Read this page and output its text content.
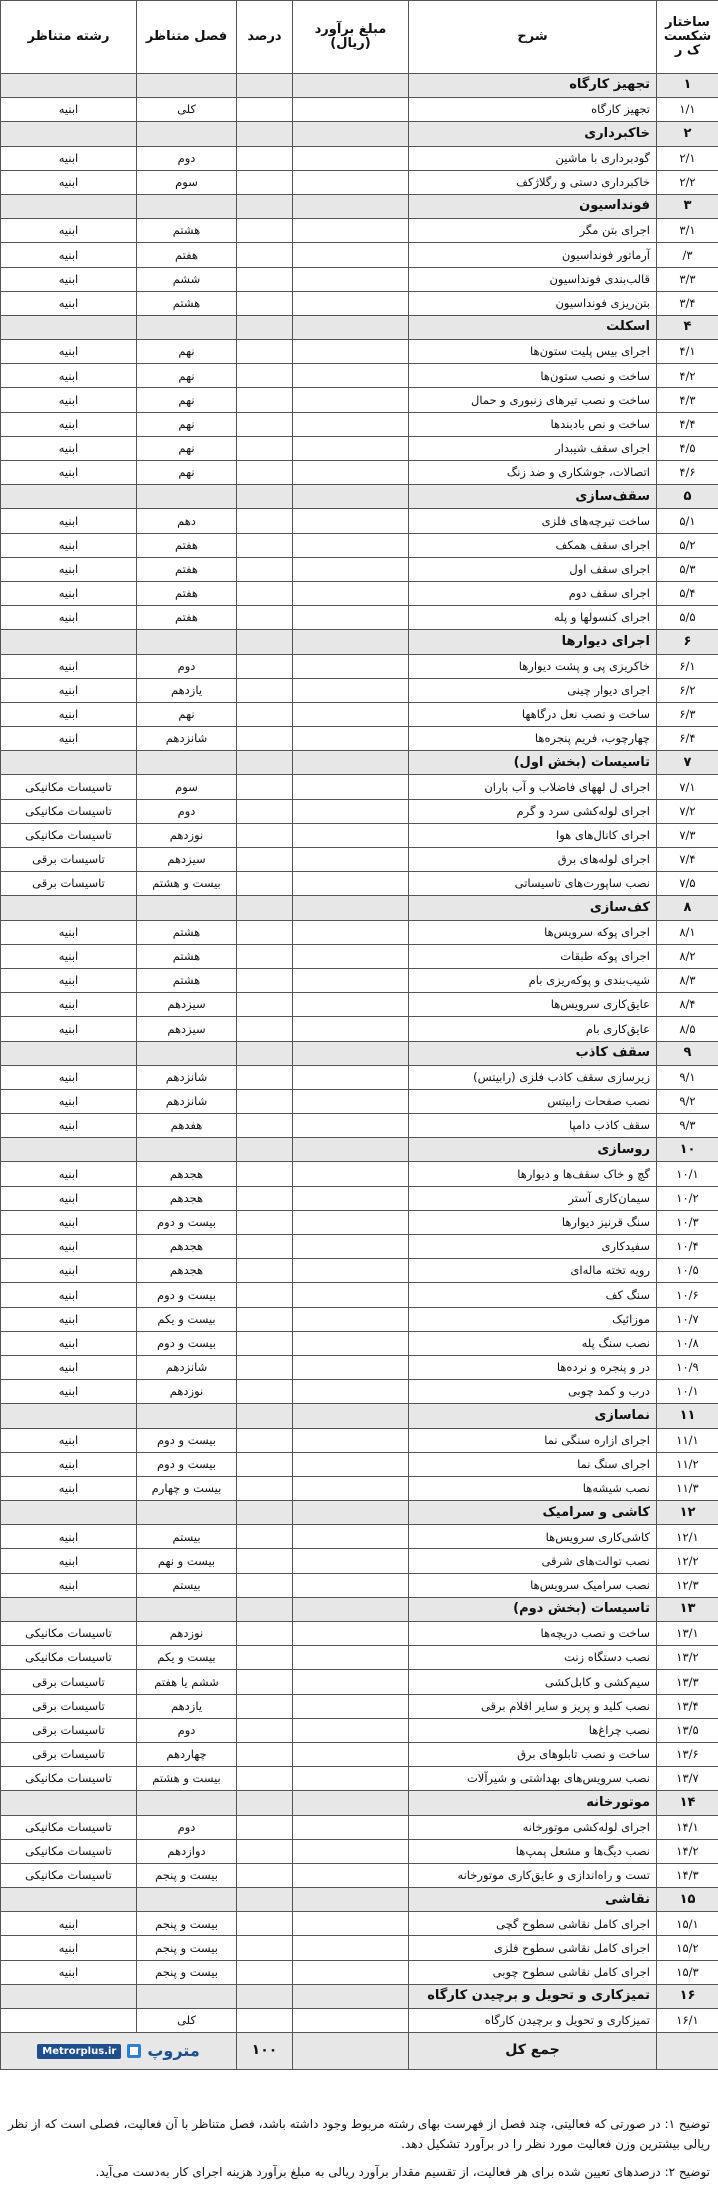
ساختار شکست ک ر	شرح	مبلغ برآورد (ریال)	درصد	فصل متناظر	رشته متناظر
۱	تجهیز کارگاه				
۱/۱	تجهیز کارگاه			کلی	ابنیه
۲	خاکبرداری				
۲/۱	گودبرداری با ماشین			دوم	ابنیه
۲/۲	خاکبرداری دستی و رگلاژکف			سوم	ابنیه
۳	فونداسیون				
۳/۱	اجرای بتن مگر			هشتم	ابنیه
۳/	آرماتور فونداسیون			هفتم	ابنیه
۳/۳	قالب‌بندی فونداسیون			ششم	ابنیه
۳/۴	بتن‌ریزی فونداسیون			هشتم	ابنیه
۴	اسکلت				
۴/۱	اجرای بیس پلیت ستون‌ها			نهم	ابنیه
۴/۲	ساخت و نصب ستون‌ها			نهم	ابنیه
۴/۳	ساخت و نصب تیرهای زنبوری و حمال			نهم	ابنیه
۴/۴	ساخت و نص بادبندها			نهم	ابنیه
۴/۵	اجرای سقف شیبدار			نهم	ابنیه
۴/۶	اتصالات، جوشکاری و ضد زنگ			نهم	ابنیه
۵	سقف‌سازی				
۵/۱	ساخت تیرچه‌های فلزی			دهم	ابنیه
۵/۲	اجرای سقف همکف			هفتم	ابنیه
۵/۳	اجرای سقف اول			هفتم	ابنیه
۵/۴	اجرای سقف دوم			هفتم	ابنیه
۵/۵	اجرای کنسولها و پله			هفتم	ابنیه
۶	اجرای دیوارها				
۶/۱	خاکریزی پی و پشت دیوارها			دوم	ابنیه
۶/۲	اجرای دیوار چینی			یازدهم	ابنیه
۶/۳	ساخت و نصب نعل درگاهها			نهم	ابنیه
۶/۴	چهارچوب، فریم پنجره‌ها			شانزدهم	ابنیه
۷	تاسیسات (بخش اول)				
۷/۱	اجرای ل لههای فاضلاب و آب باران			سوم	تاسیسات مکانیکی
۷/۲	اجرای لوله‌کشی سرد و گرم			دوم	تاسیسات مکانیکی
۷/۳	اجرای کانال‌های هوا			نوزدهم	تاسیسات مکانیکی
۷/۴	اجرای لوله‌های برق			سیزدهم	تاسیسات برقی
۷/۵	نصب ساپورت‌های تاسیساتی			بیست و هشتم	تاسیسات برقی
۸	کف‌سازی				
۸/۱	اجرای پوکه سرویس‌ها			هشتم	ابنیه
۸/۲	اجرای پوکه طبقات			هشتم	ابنیه
۸/۳	شیب‌بندی و پوکه‌ریزی بام			هشتم	ابنیه
۸/۴	عایق‌کاری سرویس‌ها			سیزدهم	ابنیه
۸/۵	عایق‌کاری بام			سیزدهم	ابنیه
۹	سقف کاذب				
۹/۱	زیرسازی سقف کاذب فلزی (رابیتس)			شانزدهم	ابنیه
۹/۲	نصب صفحات رابیتس			شانزدهم	ابنیه
۹/۳	سقف کاذب دامپا			هفدهم	ابنیه
۱۰	روسازی				
۱۰/۱	گچ و خاک سقف‌ها و دیوارها			هجدهم	ابنیه
۱۰/۲	سیمان‌کاری آستر			هجدهم	ابنیه
۱۰/۳	سنگ قرنیز دیوارها			بیست و دوم	ابنیه
۱۰/۴	سفیدکاری			هجدهم	ابنیه
۱۰/۵	رویه تخته ماله‌ای			هجدهم	ابنیه
۱۰/۶	سنگ کف			بیست و دوم	ابنیه
۱۰/۷	موزائیک			بیست و یکم	ابنیه
۱۰/۸	نصب سنگ پله			بیست و دوم	ابنیه
۱۰/۹	در و پنجره و نرده‌ها			شانزدهم	ابنیه
۱۰/۱	درب و کمد چوبی			نوزدهم	ابنیه
۱۱	نماسازی				
۱۱/۱	اجرای ازاره سنگی نما			بیست و دوم	ابنیه
۱۱/۲	اجرای سنگ نما			بیست و دوم	ابنیه
۱۱/۳	نصب شیشه‌ها			بیست و چهارم	ابنیه
۱۲	کاشی و سرامیک				
۱۲/۱	کاشی‌کاری سرویس‌ها			بیستم	ابنیه
۱۲/۲	نصب توالت‌های شرقی			بیست و نهم	ابنیه
۱۲/۳	نصب سرامیک سرویس‌ها			بیستم	ابنیه
۱۳	تاسیسات (بخش دوم)				
۱۳/۱	ساخت و نصب دریچه‌ها			نوزدهم	تاسیسات مکانیکی
۱۳/۲	نصب دستگاه زنت			بیست و یکم	تاسیسات مکانیکی
۱۳/۳	سیم‌کشی و کابل‌کشی			ششم یا هفتم	تاسیسات برقی
۱۳/۴	نصب کلید و پریز و سایر اقلام برقی			یازدهم	تاسیسات برقی
۱۳/۵	نصب چراغ‌ها			دوم	تاسیسات برقی
۱۳/۶	ساخت و نصب تابلوهای برق			چهاردهم	تاسیسات برقی
۱۳/۷	نصب سرویس‌های بهداشتی و شیرآلات			بیست و هشتم	تاسیسات مکانیکی
۱۴	موتورخانه				
۱۴/۱	اجرای لوله‌کشی موتورخانه			دوم	تاسیسات مکانیکی
۱۴/۲	نصب دیگ‌ها و مشعل پمپ‌ها			دوازدهم	تاسیسات مکانیکی
۱۴/۳	تست و راه‌اندازی و عایق‌کاری موتورخانه			بیست و پنجم	تاسیسات مکانیکی
۱۵	نقاشی				
۱۵/۱	اجرای کامل نقاشی سطوح گچی			بیست و پنجم	ابنیه
۱۵/۲	اجرای کامل نقاشی سطوح فلزی			بیست و پنجم	ابنیه
۱۵/۳	اجرای کامل نقاشی سطوح چوبی			بیست و پنجم	ابنیه
۱۶	تمیزکاری و تحویل و برچیدن کارگاه				
۱۶/۱	تمیزکاری و تحویل و برچیدن کارگاه			کلی	
	جمع کل		۱۰۰	Metrorplus.ir متروپ	

توضیح ۱: در صورتی که فعالیتی، چند فصل از فهرست بهای رشته مربوط وجود داشته باشد، فصل متناظر با آن فعالیت، فصلی است که از نظر ریالی بیشترین وزن فعالیت مورد نظر را در برآورد تشکیل دهد.

توضیح ۲: درصدهای تعیین شده برای هر فعالیت، از تقسیم مقدار برآورد ریالی به مبلغ برآورد هزینه اجرای کار به‌دست می‌آید.
